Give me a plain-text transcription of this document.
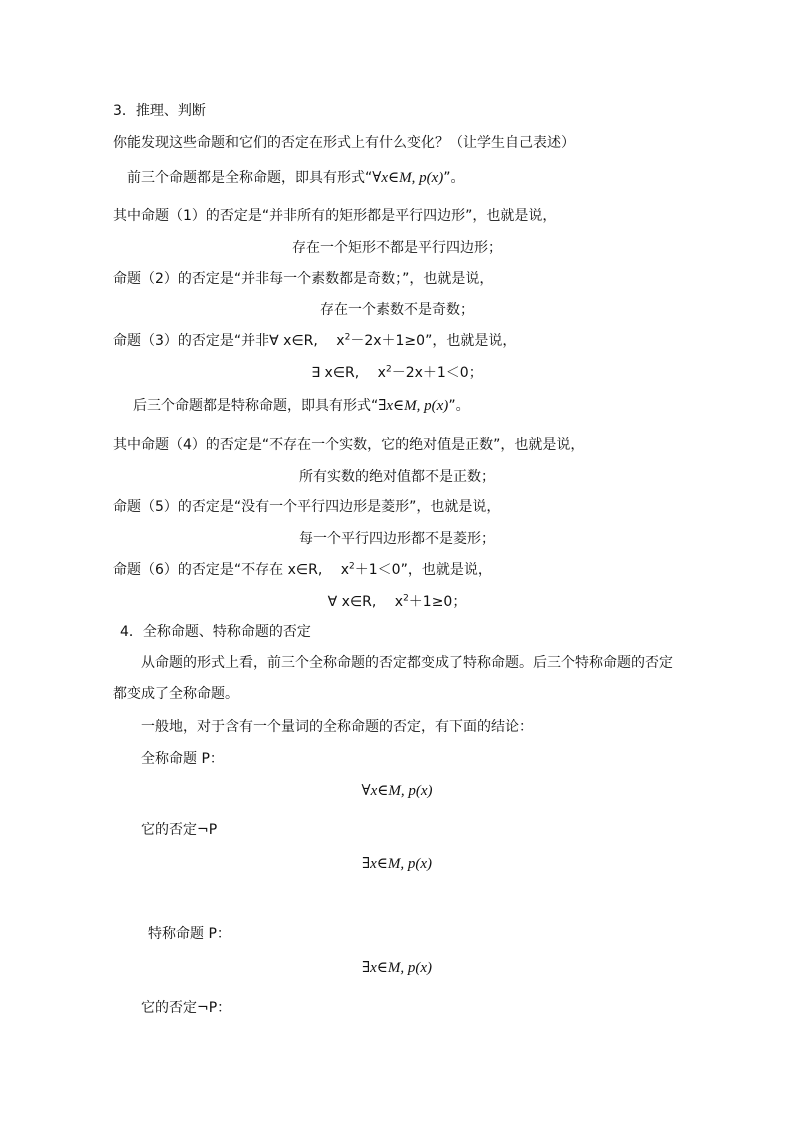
3．推理、判断
你能发现这些命题和它们的否定在形式上有什么变化？（让学生自己表述）
前三个命题都是全称命题，即具有形式“∀x∈M, p(x)”。
其中命题（1）的否定是“并非所有的矩形都是平行四边形”，也就是说，
存在一个矩形不都是平行四边形；
命题（2）的否定是“并非每一个素数都是奇数；”，也就是说，
存在一个素数不是奇数；
命题（3）的否定是“并非∀ x∈R,　 $x^2-2x+1\ge 0$”，也就是说，
∃ x∈R,　 $x^2-2x+1<0$；
后三个命题都是特称命题，即具有形式“∃x∈M, p(x)”。
其中命题（4）的否定是“不存在一个实数，它的绝对值是正数”，也就是说，
所有实数的绝对值都不是正数；
命题（5）的否定是“没有一个平行四边形是菱形”，也就是说，
每一个平行四边形都不是菱形；
命题（6）的否定是“不存在 x∈R,　 $x^2+1<0$”，也就是说，
∀ x∈R,　 $x^2+1\ge 0$；
4．全称命题、特称命题的否定
从命题的形式上看，前三个全称命题的否定都变成了特称命题。后三个特称命题的否定
都变成了全称命题。
一般地，对于含有一个量词的全称命题的否定，有下面的结论：
全称命题 P：
∀x∈M, p(x)
它的否定¬P
∃x∈M, p(x)
特称命题 P：
∃x∈M, p(x)
它的否定¬P：
